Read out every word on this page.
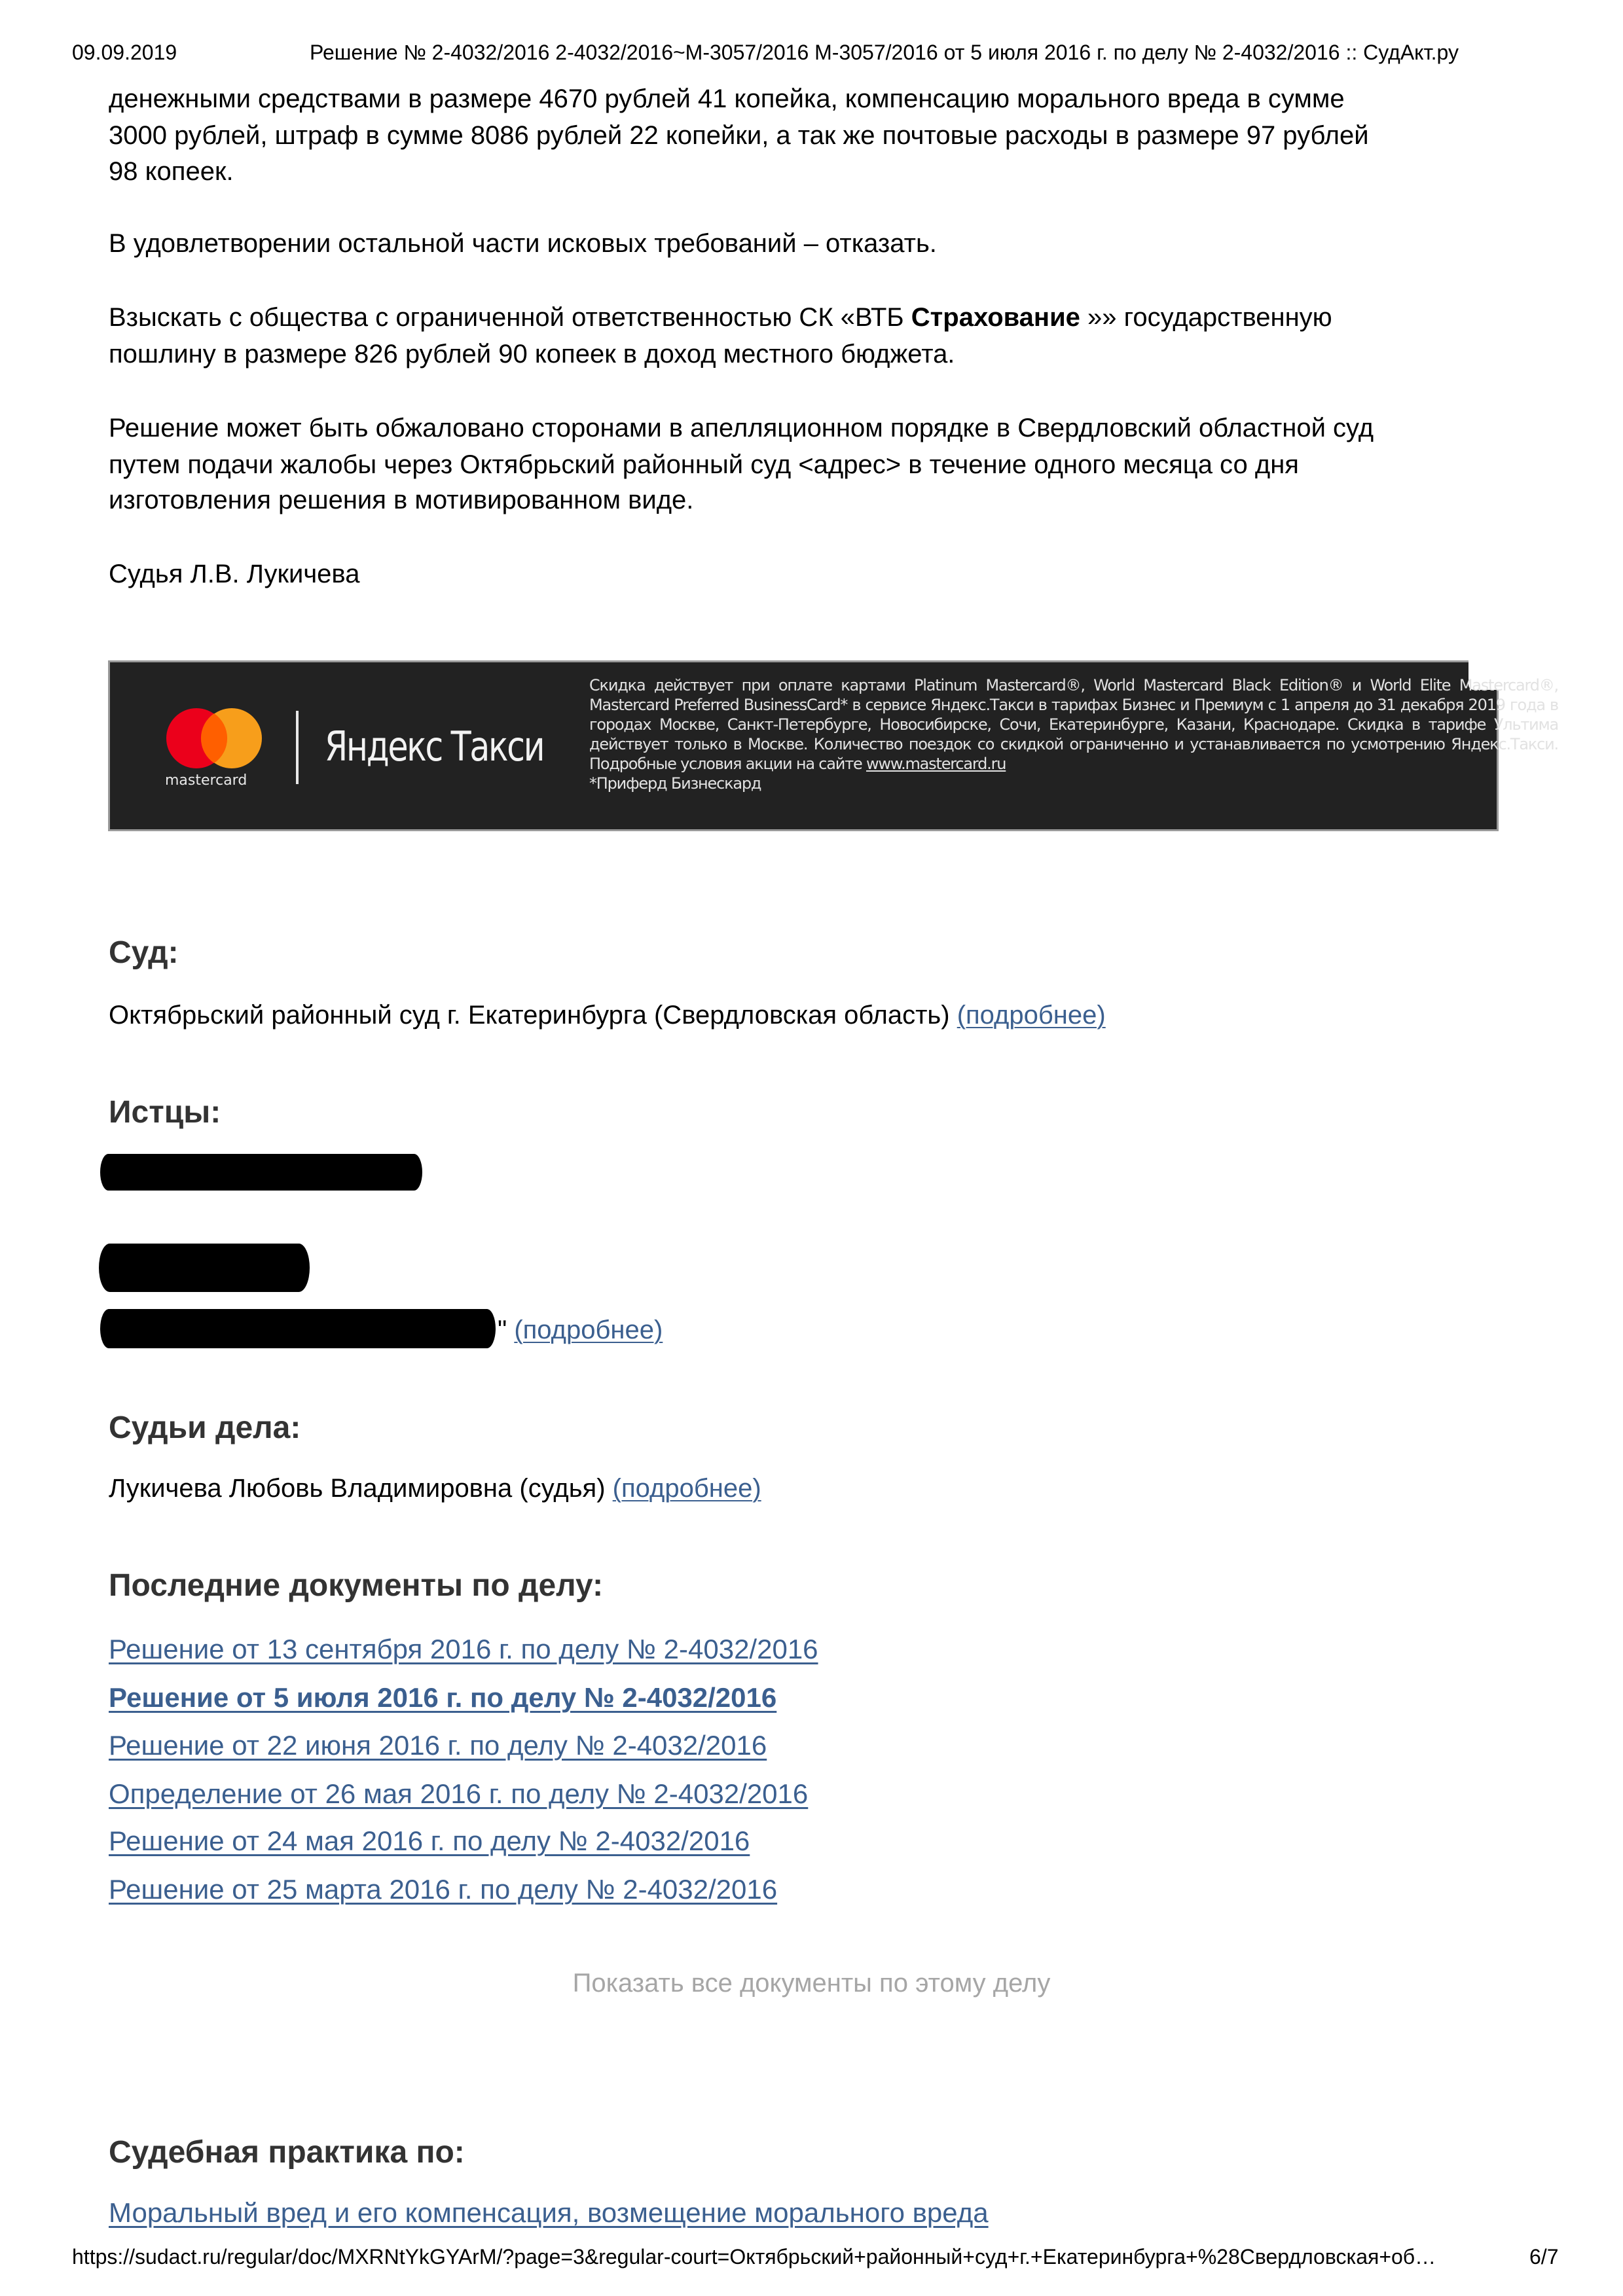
09.09.2019	Решение № 2-4032/2016 2-4032/2016~М-3057/2016 М-3057/2016 от 5 июля 2016 г. по делу № 2-4032/2016 :: СудАкт.ру
денежными средствами в размере 4670 рублей 41 копейка, компенсацию морального вреда в сумме
3000 рублей, штраф в сумме 8086 рублей 22 копейки, а так же почтовые расходы в размере 97 рублей
98 копеек.
В удовлетворении остальной части исковых требований – отказать.
Взыскать с общества с ограниченной ответственностью СК «ВТБ Страхование »» государственную
пошлину в размере 826 рублей 90 копеек в доход местного бюджета.
Решение может быть обжаловано сторонами в апелляционном порядке в Свердловский областной суд
путем подачи жалобы через Октябрьский районный суд <адрес> в течение одного месяца со дня
изготовления решения в мотивированном виде.
Судья Л.В. Лукичева
mastercard
Яндекс Такси
Скидка действует при оплате картами Platinum Mastercard®, World Mastercard Black Edition® и World Elite Mastercard®, Mastercard Preferred BusinessCard* в сервисе Яндекс.Такси в тарифах Бизнес и Премиум с 1 апреля до 31 декабря 2019 года в городах Москве, Санкт-Петербурге, Новосибирске, Сочи, Екатеринбурге, Казани, Краснодаре. Скидка в тарифе Ультима действует только в Москве. Количество поездок со скидкой ограниченно и устанавливается по усмотрению Яндекс.Такси. Подробные условия акции на сайте www.mastercard.ru
*Приферд Бизнескард
Суд:
Октябрьский районный суд г. Екатеринбурга (Свердловская область) (подробнее)
Истцы:
" (подробнее)
Судьи дела:
Лукичева Любовь Владимировна (судья) (подробнее)
Последние документы по делу:
Решение от 13 сентября 2016 г. по делу № 2-4032/2016
Решение от 5 июля 2016 г. по делу № 2-4032/2016
Решение от 22 июня 2016 г. по делу № 2-4032/2016
Определение от 26 мая 2016 г. по делу № 2-4032/2016
Решение от 24 мая 2016 г. по делу № 2-4032/2016
Решение от 25 марта 2016 г. по делу № 2-4032/2016
Показать все документы по этому делу
Судебная практика по:
Моральный вред и его компенсация, возмещение морального вреда
https://sudact.ru/regular/doc/MXRNtYkGYArM/?page=3&regular-court=Октябрьский+районный+суд+г.+Екатеринбурга+%28Свердловская+об…	6/7
